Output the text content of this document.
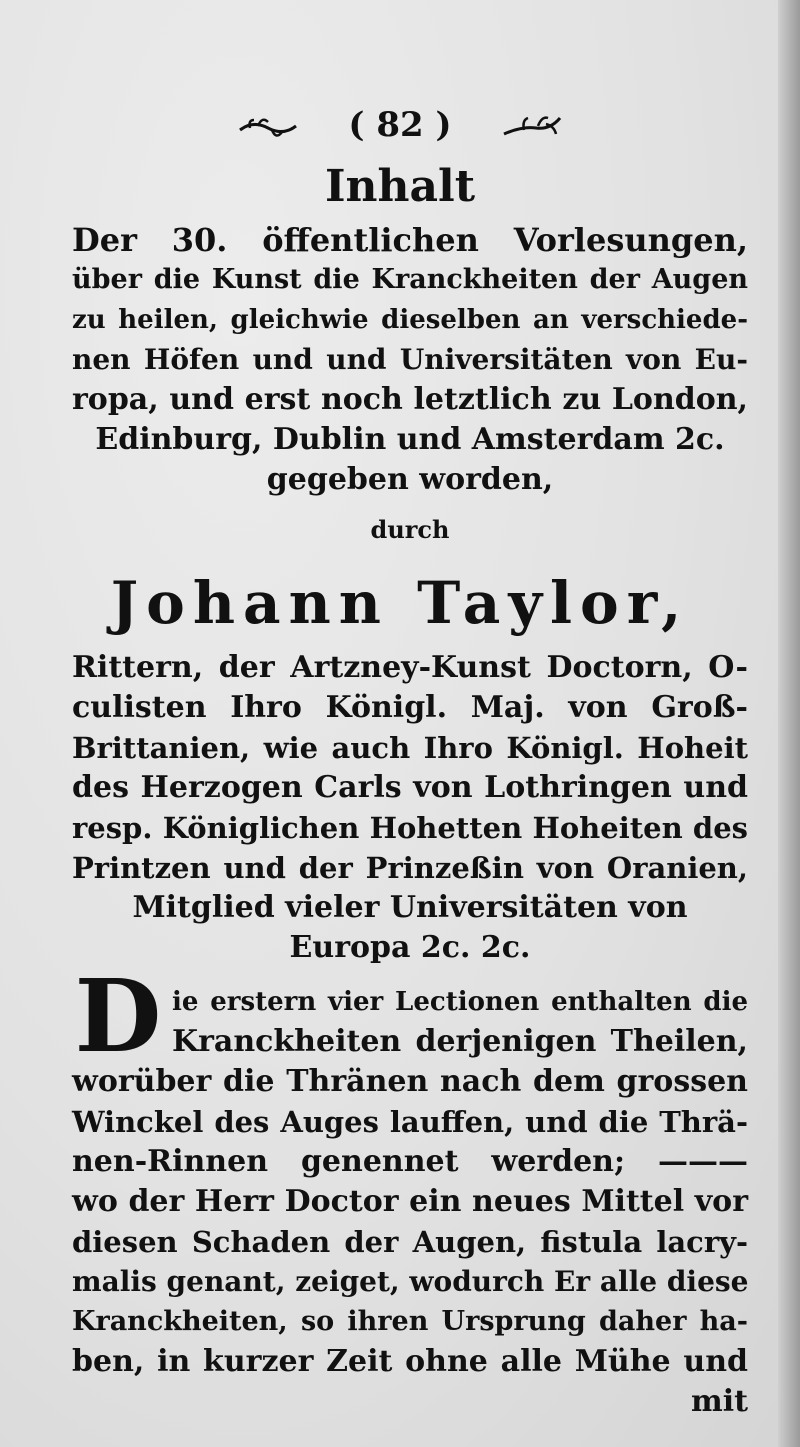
( 82 )
Inhalt
Der 30. öffentlichen Vorlesungen,
über die Kunst die Kranckheiten der Augen
zu heilen, gleichwie dieselben an verschiede-
nen Höfen und und Universitäten von Eu-
ropa, und erst noch letztlich zu London,
Edinburg, Dublin und Amsterdam 2c.
gegeben worden,
durch
Johann Taylor,
Rittern, der Artzney-Kunst Doctorn, O-
culisten Ihro Königl. Maj. von Groß-
Brittanien, wie auch Ihro Königl. Hoheit
des Herzogen Carls von Lothringen und
resp. Königlichen Hohetten Hoheiten des
Printzen und der Prinzeßin von Oranien,
Mitglied vieler Universitäten von
Europa 2c. 2c.
D ie erstern vier Lectionen enthalten die
Kranckheiten derjenigen Theilen,
worüber die Thränen nach dem grossen
Winckel des Auges lauffen, und die Thrä-
nen-Rinnen genennet werden; ———
wo der Herr Doctor ein neues Mittel vor
diesen Schaden der Augen, fistula lacry-
malis genant, zeiget, wodurch Er alle diese
Kranckheiten, so ihren Ursprung daher ha-
ben, in kurzer Zeit ohne alle Mühe und
mit
